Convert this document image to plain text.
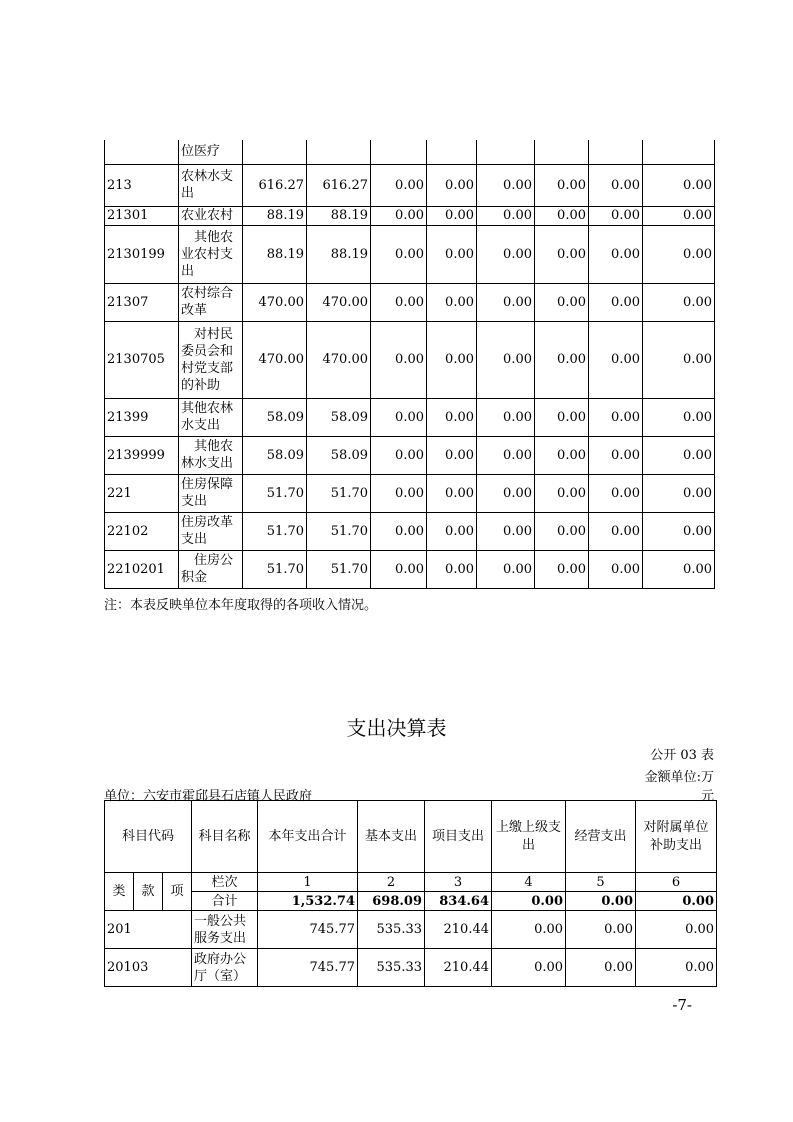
	位医疗								
213	农林水支出	616.27	616.27	0.00	0.00	0.00	0.00	0.00	0.00
21301	农业农村	88.19	88.19	0.00	0.00	0.00	0.00	0.00	0.00
2130199	其他农业农村支出	88.19	88.19	0.00	0.00	0.00	0.00	0.00	0.00
21307	农村综合改革	470.00	470.00	0.00	0.00	0.00	0.00	0.00	0.00
2130705	对村民委员会和村党支部的补助	470.00	470.00	0.00	0.00	0.00	0.00	0.00	0.00
21399	其他农林水支出	58.09	58.09	0.00	0.00	0.00	0.00	0.00	0.00
2139999	其他农林水支出	58.09	58.09	0.00	0.00	0.00	0.00	0.00	0.00
221	住房保障支出	51.70	51.70	0.00	0.00	0.00	0.00	0.00	0.00
22102	住房改革支出	51.70	51.70	0.00	0.00	0.00	0.00	0.00	0.00
2210201	住房公积金	51.70	51.70	0.00	0.00	0.00	0.00	0.00	0.00
注：本表反映单位本年度取得的各项收入情况。
支出决算表
公开 03 表
金额单位:万
元
单位：六安市霍邱县石店镇人民政府
科目代码			科目名称	本年支出合计	基本支出	项目支出	上缴上级支出	经营支出	对附属单位补助支出
类	款	项	栏次	1	2	3	4	5	6
			合计	1,532.74	698.09	834.64	0.00	0.00	0.00
201			一般公共服务支出	745.77	535.33	210.44	0.00	0.00	0.00
20103			政府办公厅（室）	745.77	535.33	210.44	0.00	0.00	0.00
-7-
